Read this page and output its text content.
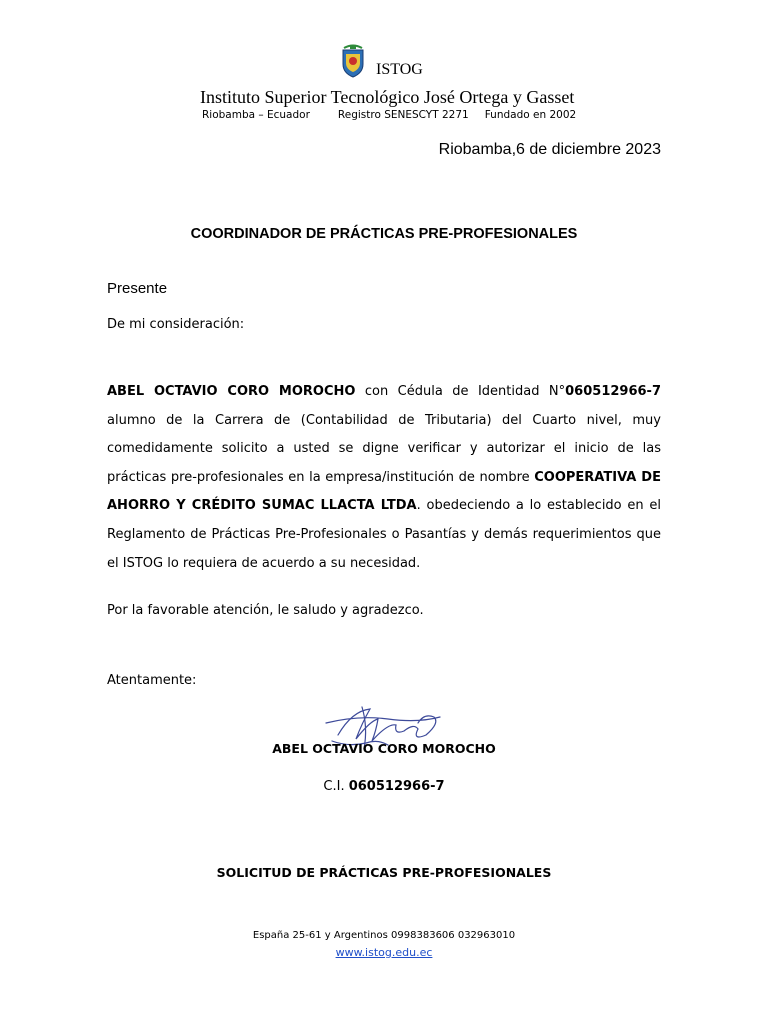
ISTOG
Instituto Superior Tecnológico José Ortega y Gasset
Riobamba – Ecuador	Registro SENESCYT 2271 Fundado en 2002
Riobamba,6 de diciembre 2023
COORDINADOR DE PRÁCTICAS PRE-PROFESIONALES
Presente
De mi consideración:
ABEL OCTAVIO CORO MOROCHO con Cédula de Identidad N°060512966-7 alumno de la Carrera de (Contabilidad de Tributaria) del Cuarto nivel, muy comedidamente solicito a usted se digne verificar y autorizar el inicio de las prácticas pre-profesionales en la empresa/institución de nombre COOPERATIVA DE AHORRO Y CRÉDITO SUMAC LLACTA LTDA. obedeciendo a lo establecido en el Reglamento de Prácticas Pre-Profesionales o Pasantías y demás requerimientos que el ISTOG lo requiera de acuerdo a su necesidad.
Por la favorable atención, le saludo y agradezco.
Atentamente:
ABEL OCTAVIO CORO MOROCHO
C.I. 060512966-7
SOLICITUD DE PRÁCTICAS PRE-PROFESIONALES
España 25-61 y Argentinos 0998383606 032963010
www.istog.edu.ec
